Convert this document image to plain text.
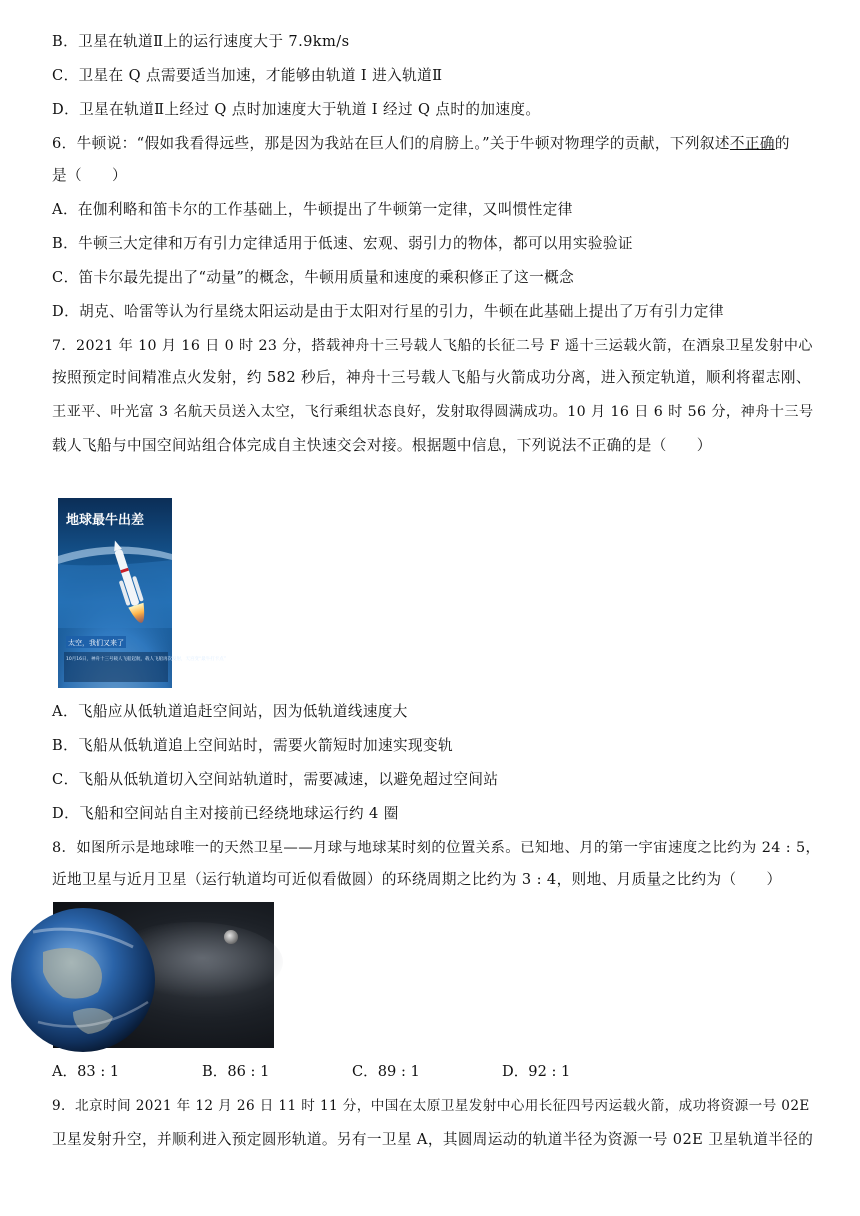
B．卫星在轨道Ⅱ上的运行速度大于 7.9km/s
C．卫星在 Q 点需要适当加速，才能够由轨道 I 进入轨道Ⅱ
D．卫星在轨道Ⅱ上经过 Q 点时加速度大于轨道 I 经过 Q 点时的加速度。
6．牛顿说：“假如我看得远些，那是因为我站在巨人们的肩膀上。”关于牛顿对物理学的贡献，下列叙述不正确的
是（　　）
A．在伽利略和笛卡尔的工作基础上，牛顿提出了牛顿第一定律，又叫惯性定律
B．牛顿三大定律和万有引力定律适用于低速、宏观、弱引力的物体，都可以用实验验证
C．笛卡尔最先提出了“动量”的概念，牛顿用质量和速度的乘积修正了这一概念
D．胡克、哈雷等认为行星绕太阳运动是由于太阳对行星的引力，牛顿在此基础上提出了万有引力定律
7．2021 年 10 月 16 日 0 时 23 分，搭载神舟十三号载人飞船的长征二号 F 遥十三运载火箭，在酒泉卫星发射中心
按照预定时间精准点火发射，约 582 秒后，神舟十三号载人飞船与火箭成功分离，进入预定轨道，顺利将翟志刚、
王亚平、叶光富 3 名航天员送入太空，飞行乘组状态良好，发射取得圆满成功。10 月 16 日 6 时 56 分，神舟十三号
载人飞船与中国空间站组合体完成自主快速交会对接。根据题中信息，下列说法不正确的是（　　）
地球最牛出差
太空，我们又来了
10月16日，神舟十三号载人飞船起航，载人飞船再次发射，天宫变“最牛打卡点”
A．飞船应从低轨道追赶空间站，因为低轨道线速度大
B．飞船从低轨道追上空间站时，需要火箭短时加速实现变轨
C．飞船从低轨道切入空间站轨道时，需要减速，以避免超过空间站
D．飞船和空间站自主对接前已经绕地球运行约 4 圈
8．如图所示是地球唯一的天然卫星——月球与地球某时刻的位置关系。已知地、月的第一宇宙速度之比约为 24 : 5，
近地卫星与近月卫星（运行轨道均可近似看做圆）的环绕周期之比约为 3 : 4，则地、月质量之比约为（　　）
A．83 : 1	B．86 : 1	C．89 : 1	D．92 : 1
9．北京时间 2021 年 12 月 26 日 11 时 11 分，中国在太原卫星发射中心用长征四号丙运载火箭，成功将资源一号 02E
卫星发射升空，并顺利进入预定圆形轨道。另有一卫星 A，其圆周运动的轨道半径为资源一号 02E 卫星轨道半径的
